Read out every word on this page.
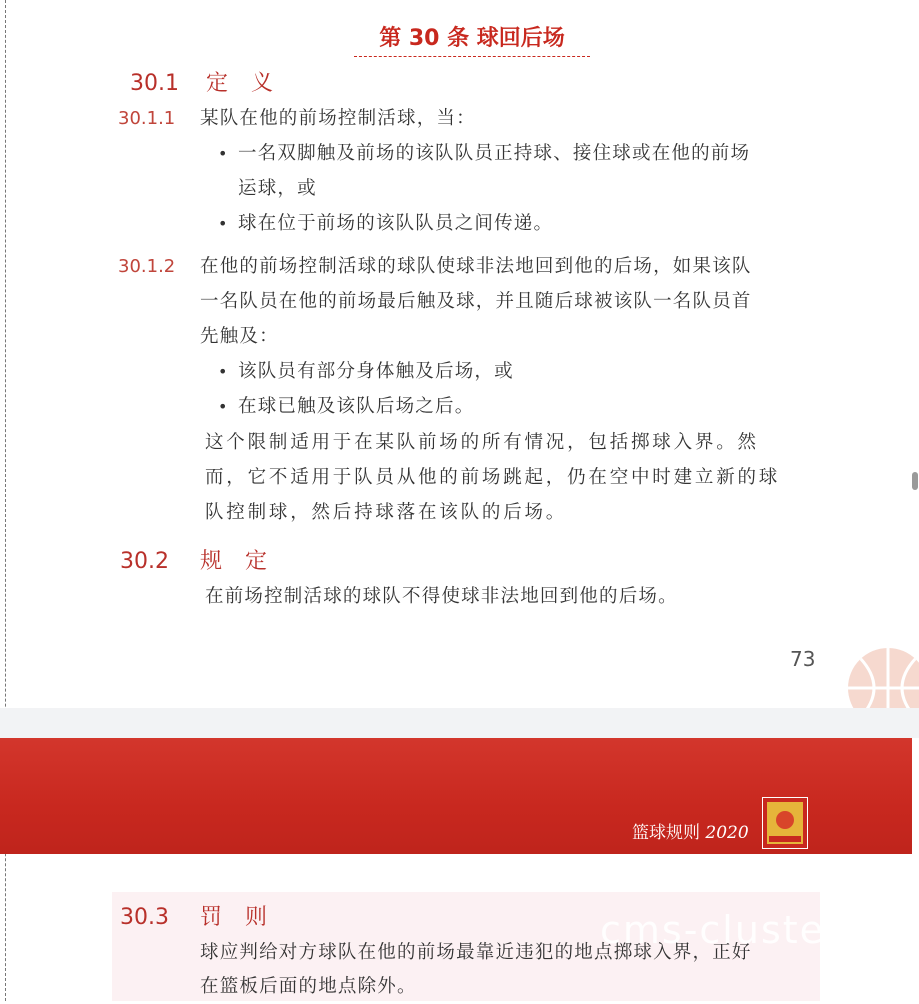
第 30 条 球回后场
30.1 定 义
30.1.1 某队在他的前场控制活球，当：
• 一名双脚触及前场的该队队员正持球、接住球或在他的前场
运球，或
• 球在位于前场的该队队员之间传递。
30.1.2 在他的前场控制活球的球队使球非法地回到他的后场，如果该队
一名队员在他的前场最后触及球，并且随后球被该队一名队员首
先触及：
• 该队员有部分身体触及后场，或
• 在球已触及该队后场之后。
这个限制适用于在某队前场的所有情况，包括掷球入界。然
而，它不适用于队员从他的前场跳起，仍在空中时建立新的球
队控制球，然后持球落在该队的后场。
30.2 规 定
在前场控制活球的球队不得使球非法地回到他的后场。
73
篮球规则 2020
30.3 罚 则
球应判给对方球队在他的前场最靠近违犯的地点掷球入界，正好
在篮板后面的地点除外。
cms-cluste
